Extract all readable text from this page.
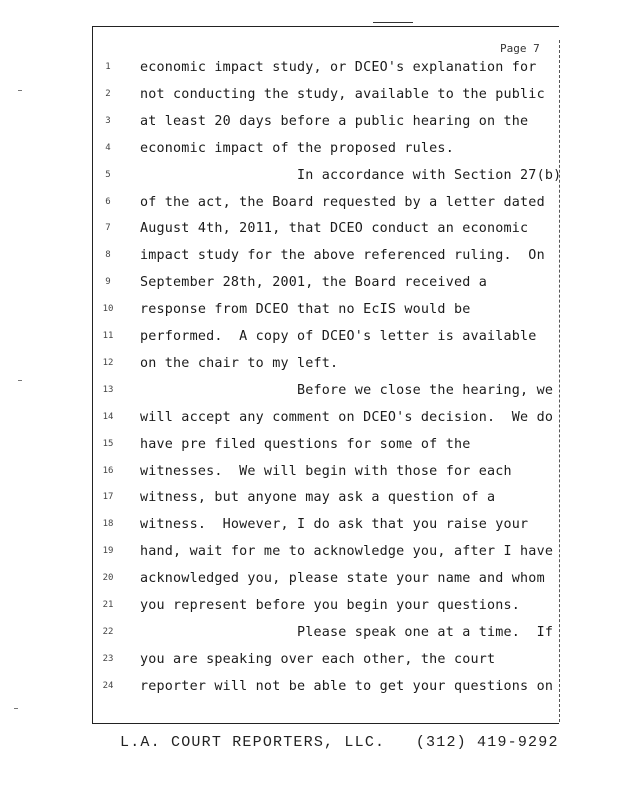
Page 7
1	economic impact study, or DCEO's explanation for
2	not conducting the study, available to the public
3	at least 20 days before a public hearing on the
4	economic impact of the proposed rules.
5	In accordance with Section 27(b)
6	of the act, the Board requested by a letter dated
7	August 4th, 2011, that DCEO conduct an economic
8	impact study for the above referenced ruling.  On
9	September 28th, 2001, the Board received a
10	response from DCEO that no EcIS would be
11	performed.  A copy of DCEO's letter is available
12	on the chair to my left.
13	Before we close the hearing, we
14	will accept any comment on DCEO's decision.  We do
15	have pre filed questions for some of the
16	witnesses.  We will begin with those for each
17	witness, but anyone may ask a question of a
18	witness.  However, I do ask that you raise your
19	hand, wait for me to acknowledge you, after I have
20	acknowledged you, please state your name and whom
21	you represent before you begin your questions.
22	Please speak one at a time.  If
23	you are speaking over each other, the court
24	reporter will not be able to get your questions on
L.A. COURT REPORTERS, LLC.   (312) 419-9292
